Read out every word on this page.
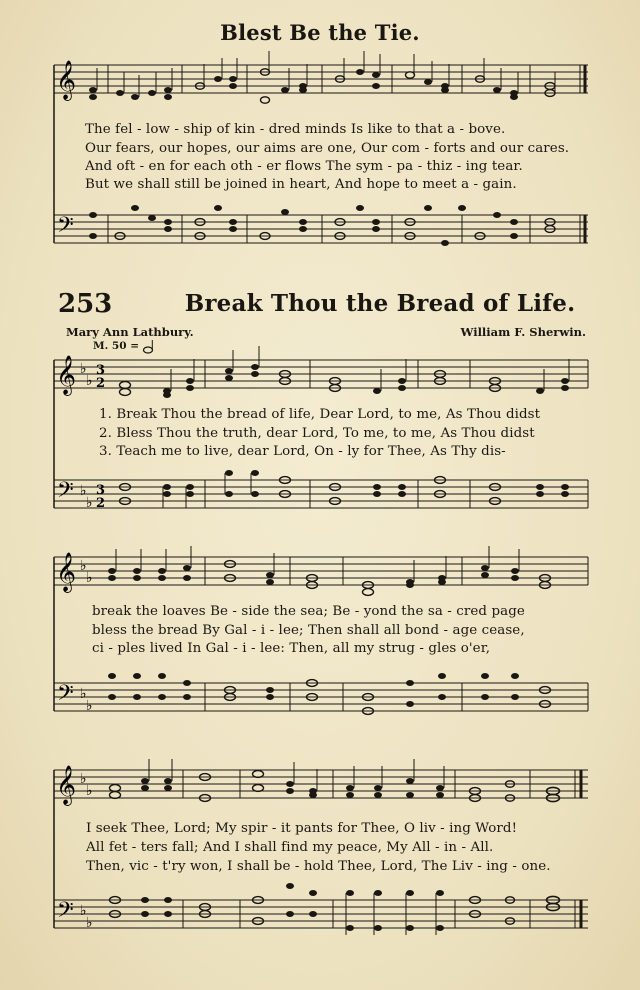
Blest Be the Tie.
𝄞
𝄢
The fel - low - ship of kin - dred minds Is like to that a - bove.
Our fears, our hopes, our aims are one, Our com - forts and our cares.
And oft - en for each oth - er flows The sym - pa - thiz - ing tear.
But we shall still be joined in heart, And hope to meet a - gain.
253	Break Thou the Bread of Life.
Mary Ann Lathbury.	William F. Sherwin.
M. 50 =
𝄞
𝄢
♭
♭
♭
♭
3
2
3
2
1. Break Thou the bread of life, Dear Lord, to me, As Thou didst
2. Bless Thou the truth, dear Lord, To me, to me, As Thou didst
3. Teach me to live, dear Lord, On - ly for Thee, As Thy dis-
𝄞
𝄢
♭
♭
♭
♭
break the loaves Be - side the sea; Be - yond the sa - cred page
bless the bread By Gal - i - lee; Then shall all bond - age cease,
ci - ples lived In Gal - i - lee: Then, all my strug - gles o'er,
𝄞
𝄢
♭
♭
♭
♭
I seek Thee, Lord; My spir - it pants for Thee, O liv - ing Word!
All fet - ters fall; And I shall find my peace, My All - in - All.
Then, vic - t'ry won, I shall be - hold Thee, Lord, The Liv - ing - one.
